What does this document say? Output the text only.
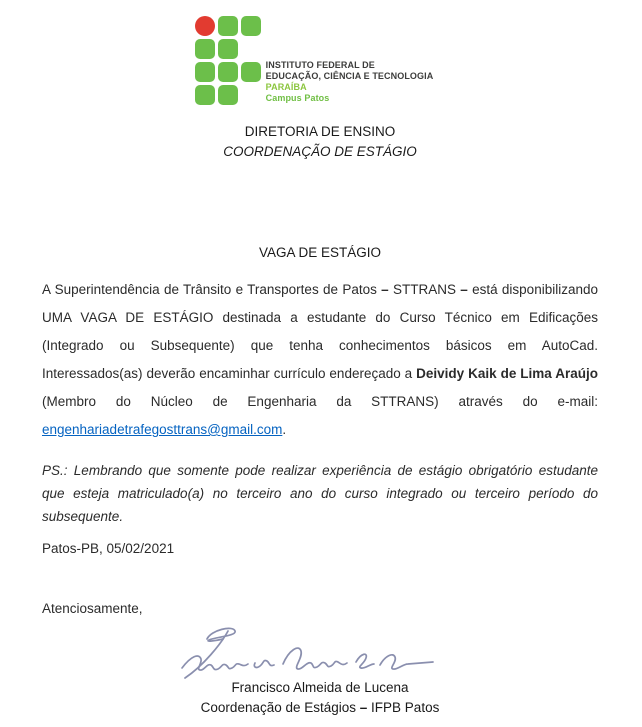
INSTITUTO FEDERAL DE
EDUCAÇÃO, CIÊNCIA E TECNOLOGIA
PARAÍBA
Campus Patos
DIRETORIA DE ENSINO
COORDENAÇÃO DE ESTÁGIO
VAGA DE ESTÁGIO

A Superintendência de Trânsito e Transportes de Patos – STTRANS – está disponibilizando UMA VAGA DE ESTÁGIO destinada a estudante do Curso Técnico em Edificações (Integrado ou Subsequente) que tenha conhecimentos básicos em AutoCad. Interessados(as) deverão encaminhar currículo endereçado a Deividy Kaik de Lima Araújo (Membro do Núcleo de Engenharia da STTRANS) através do e-mail: engenhariadetrafegosttrans@gmail.com.

PS.: Lembrando que somente pode realizar experiência de estágio obrigatório estudante que esteja matriculado(a) no terceiro ano do curso integrado ou terceiro período do subsequente.

Patos-PB, 05/02/2021
Atenciosamente,
Francisco Almeida de Lucena
Coordenação de Estágios – IFPB Patos
